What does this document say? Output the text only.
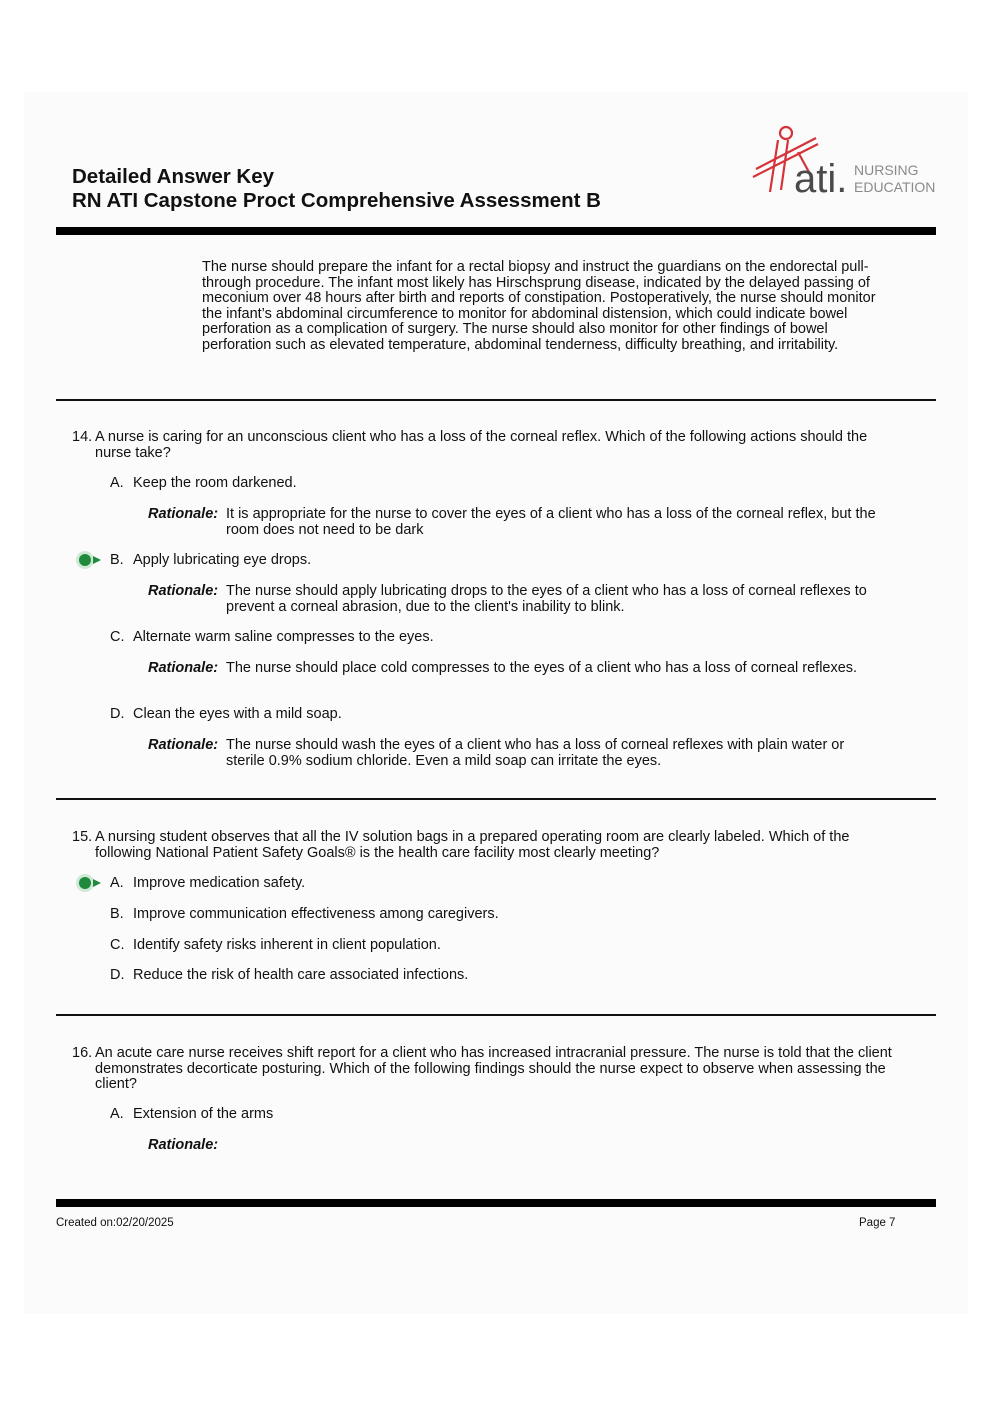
Detailed Answer Key
RN ATI Capstone Proct Comprehensive Assessment B	ati. NURSING
EDUCATION
The nurse should prepare the infant for a rectal biopsy and instruct the guardians on the endorectal pull-through procedure. The infant most likely has Hirschsprung disease, indicated by the delayed passing of meconium over 48 hours after birth and reports of constipation. Postoperatively, the nurse should monitor the infant’s abdominal circumference to monitor for abdominal distension, which could indicate bowel perforation as a complication of surgery. The nurse should also monitor for other findings of bowel perforation such as elevated temperature, abdominal tenderness, difficulty breathing, and irritability.
14. A nurse is caring for an unconscious client who has a loss of the corneal reflex. Which of the following actions should the nurse take?
A. Keep the room darkened.
Rationale: It is appropriate for the nurse to cover the eyes of a client who has a loss of the corneal reflex, but the room does not need to be dark
B. Apply lubricating eye drops.
Rationale: The nurse should apply lubricating drops to the eyes of a client who has a loss of corneal reflexes to prevent a corneal abrasion, due to the client's inability to blink.
C. Alternate warm saline compresses to the eyes.
Rationale: The nurse should place cold compresses to the eyes of a client who has a loss of corneal reflexes.
D. Clean the eyes with a mild soap.
Rationale: The nurse should wash the eyes of a client who has a loss of corneal reflexes with plain water or sterile 0.9% sodium chloride. Even a mild soap can irritate the eyes.
15. A nursing student observes that all the IV solution bags in a prepared operating room are clearly labeled. Which of the following National Patient Safety Goals® is the health care facility most clearly meeting?
A. Improve medication safety.
B. Improve communication effectiveness among caregivers.
C. Identify safety risks inherent in client population.
D. Reduce the risk of health care associated infections.
16. An acute care nurse receives shift report for a client who has increased intracranial pressure. The nurse is told that the client demonstrates decorticate posturing. Which of the following findings should the nurse expect to observe when assessing the client?
A. Extension of the arms
Rationale:
Created on:02/20/2025	Page 7
